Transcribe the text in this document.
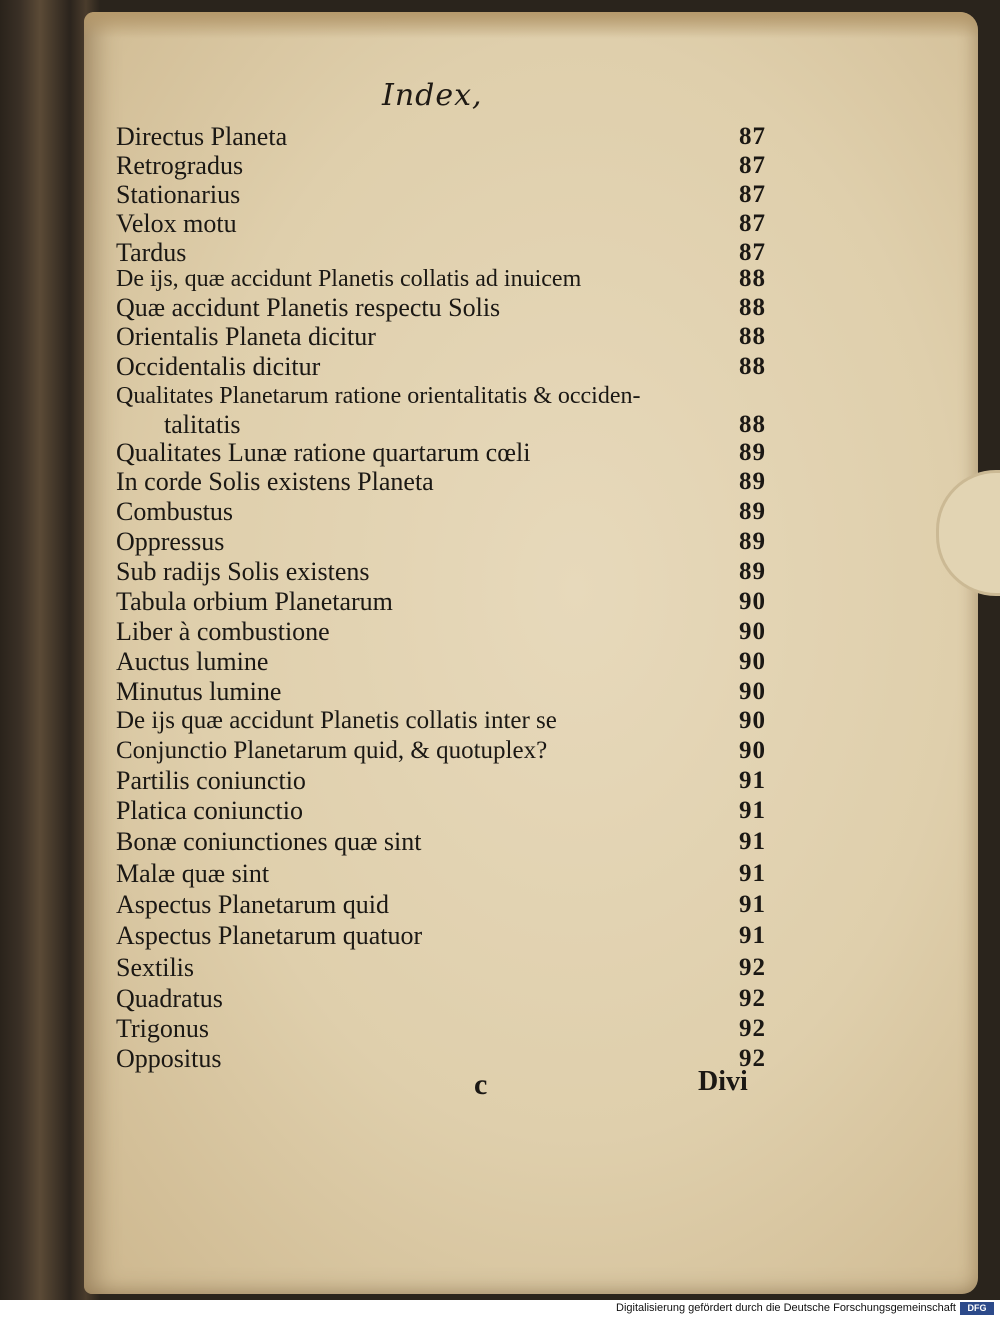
Index,
Directus Planeta	87
Retrogradus	87
Stationarius	87
Velox motu	87
Tardus	87
De ijs, quæ accidunt Planetis collatis ad inuicem	88
Quæ accidunt Planetis respectu Solis	88
Orientalis Planeta dicitur	88
Occidentalis dicitur	88
Qualitates Planetarum ratione orientalitatis & occiden-
talitatis	88
Qualitates Lunæ ratione quartarum cœli	89
In corde Solis existens Planeta	89
Combustus	89
Oppressus	89
Sub radijs Solis existens	89
Tabula orbium Planetarum	90
Liber à combustione	90
Auctus lumine	90
Minutus lumine	90
De ijs quæ accidunt Planetis collatis inter se	90
Conjunctio Planetarum quid, & quotuplex?	90
Partilis coniunctio	91
Platica coniunctio	91
Bonæ coniunctiones quæ sint	91
Malæ quæ sint	91
Aspectus Planetarum quid	91
Aspectus Planetarum quatuor	91
Sextilis	92
Quadratus	92
Trigonus	92
Oppositus	92
c	Divi
Digitalisierung gefördert durch die Deutsche Forschungsgemeinschaft	DFG
